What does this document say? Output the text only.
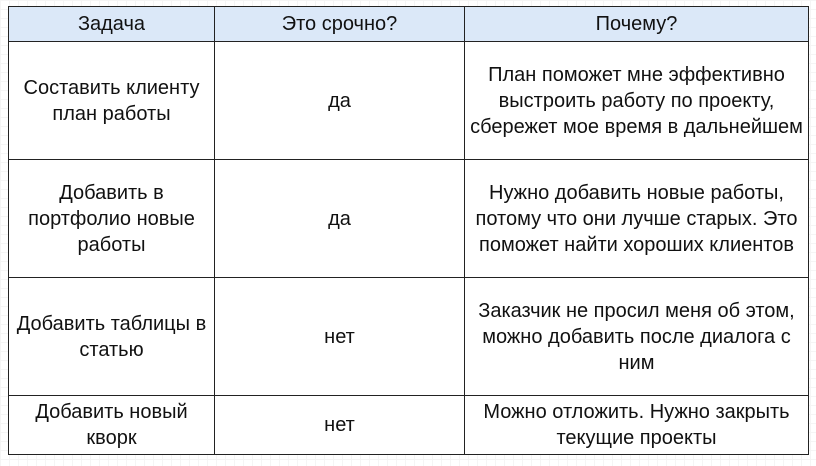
Задача	Это срочно?	Почему?
Составить клиенту план работы	да	План поможет мне эффективно выстроить работу по проекту, сбережет мое время в дальнейшем
Добавить в портфолио новые работы	да	Нужно добавить новые работы, потому что они лучше старых. Это поможет найти хороших клиентов
Добавить таблицы в статью	нет	Заказчик не просил меня об этом, можно добавить после диалога с ним
Добавить новый кворк	нет	Можно отложить. Нужно закрыть текущие проекты
